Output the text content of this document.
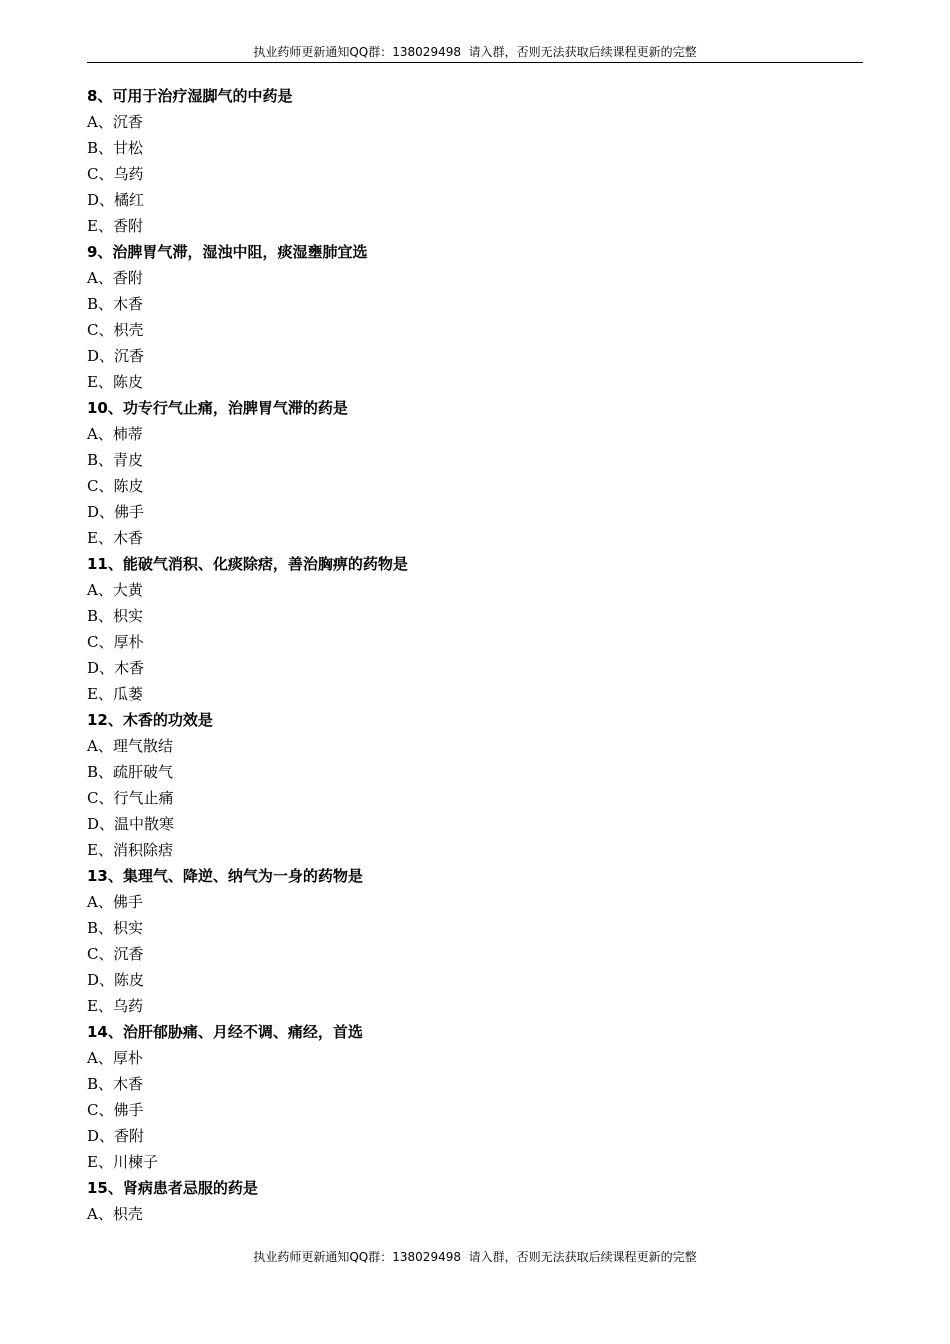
执业药师更新通知QQ群：138029498 请入群，否则无法获取后续课程更新的完整
8、可用于治疗湿脚气的中药是
A、沉香
B、甘松
C、乌药
D、橘红
E、香附
9、治脾胃气滞，湿浊中阻，痰湿壅肺宜选
A、香附
B、木香
C、枳壳
D、沉香
E、陈皮
10、功专行气止痛，治脾胃气滞的药是
A、柿蒂
B、青皮
C、陈皮
D、佛手
E、木香
11、能破气消积、化痰除痞，善治胸痹的药物是
A、大黄
B、枳实
C、厚朴
D、木香
E、瓜蒌
12、木香的功效是
A、理气散结
B、疏肝破气
C、行气止痛
D、温中散寒
E、消积除痞
13、集理气、降逆、纳气为一身的药物是
A、佛手
B、枳实
C、沉香
D、陈皮
E、乌药
14、治肝郁胁痛、月经不调、痛经，首选
A、厚朴
B、木香
C、佛手
D、香附
E、川楝子
15、肾病患者忌服的药是
A、枳壳
执业药师更新通知QQ群：138029498 请入群，否则无法获取后续课程更新的完整
